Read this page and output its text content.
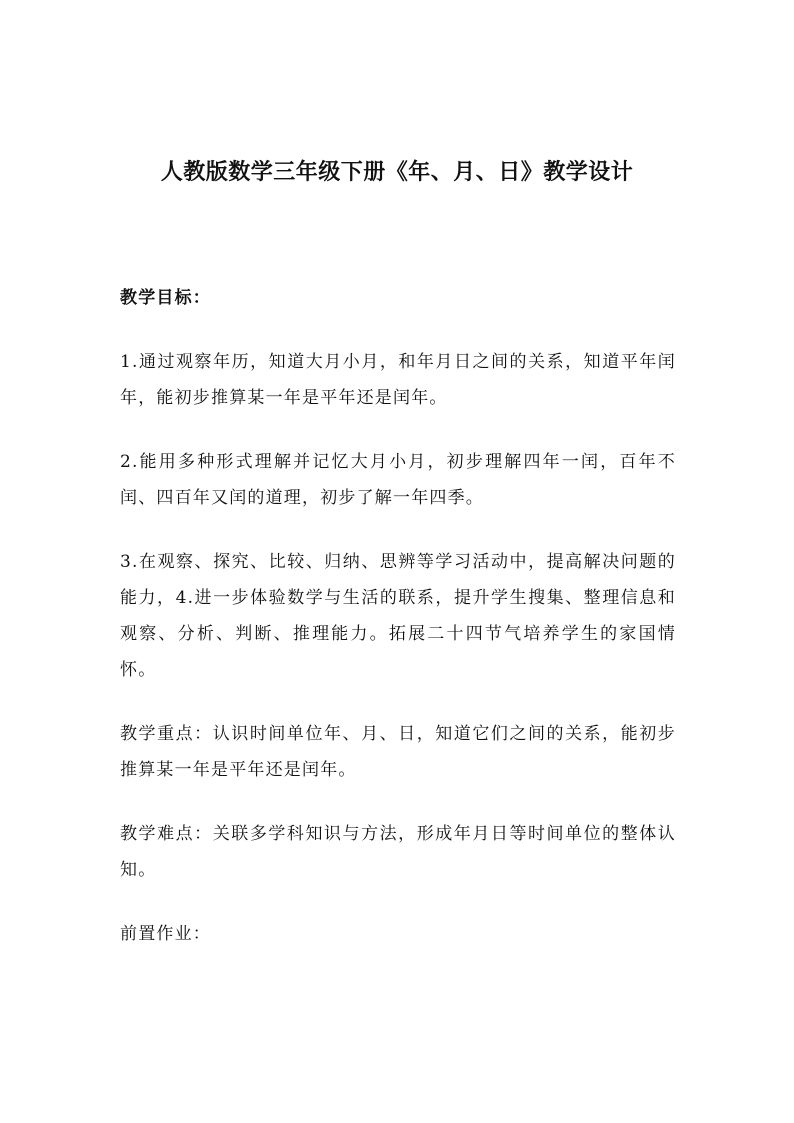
人教版数学三年级下册《年、月、日》教学设计

教学目标：

1.通过观察年历，知道大月小月，和年月日之间的关系，知道平年闰年，能初步推算某一年是平年还是闰年。

2.能用多种形式理解并记忆大月小月，初步理解四年一闰，百年不闰、四百年又闰的道理，初步了解一年四季。

3.在观察、探究、比较、归纳、思辨等学习活动中，提高解决问题的能力，4.进一步体验数学与生活的联系，提升学生搜集、整理信息和观察、分析、判断、推理能力。拓展二十四节气培养学生的家国情怀。

教学重点：认识时间单位年、月、日，知道它们之间的关系，能初步推算某一年是平年还是闰年。

教学难点：关联多学科知识与方法，形成年月日等时间单位的整体认知。

前置作业：
